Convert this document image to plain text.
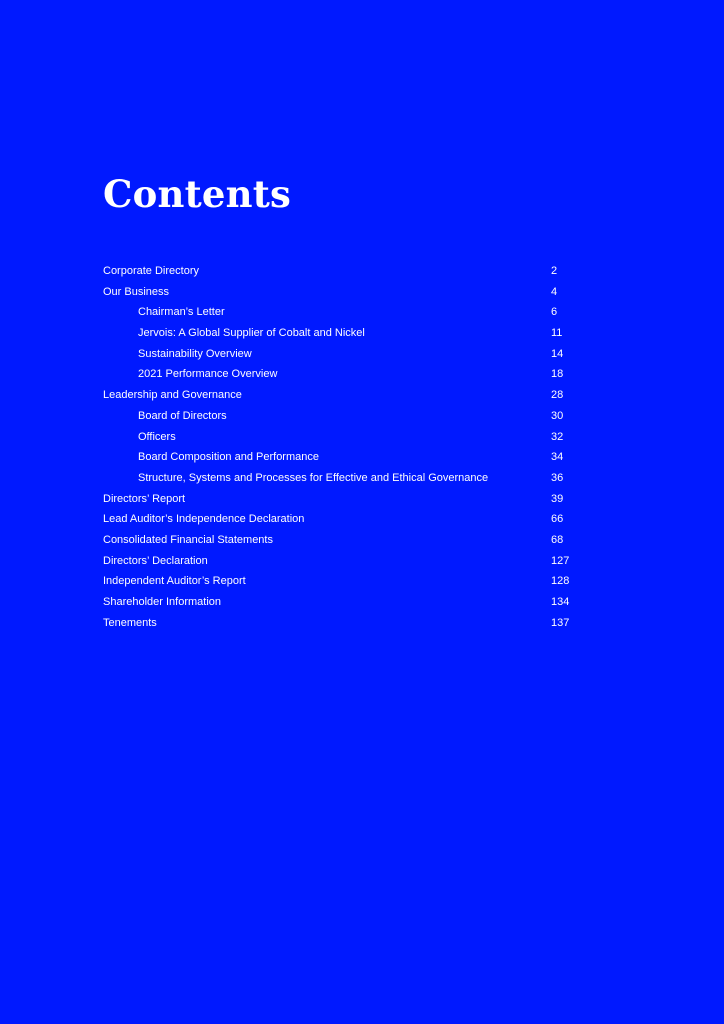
Contents
Corporate Directory	2
Our Business	4
Chairman’s Letter	6
Jervois: A Global Supplier of Cobalt and Nickel	11
Sustainability Overview	14
2021 Performance Overview	18
Leadership and Governance	28
Board of Directors	30
Officers	32
Board Composition and Performance	34
Structure, Systems and Processes for Effective and Ethical Governance	36
Directors’ Report	39
Lead Auditor’s Independence Declaration	66
Consolidated Financial Statements	68
Directors’ Declaration	127
Independent Auditor’s Report	128
Shareholder Information	134
Tenements	137
